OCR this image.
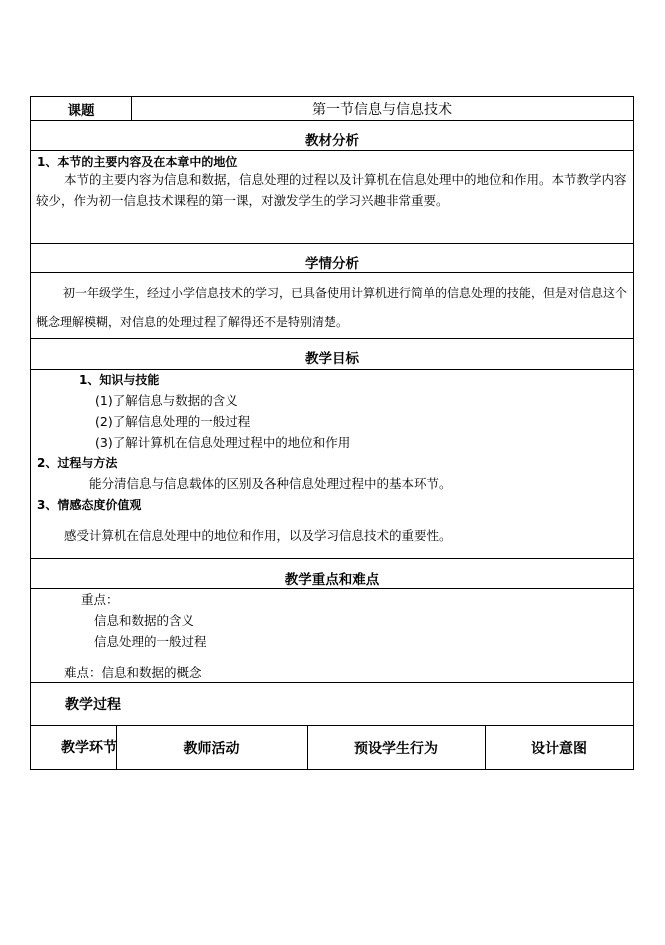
课题	第一节信息与信息技术
教材分析
1、本节的主要内容及在本章中的地位
本节的主要内容为信息和数据，信息处理的过程以及计算机在信息处理中的地位和作用。本节教学内容较少，作为初一信息技术课程的第一课，对激发学生的学习兴趣非常重要。
学情分析
初一年级学生，经过小学信息技术的学习，已具备使用计算机进行简单的信息处理的技能，但是对信息这个
概念理解模糊，对信息的处理过程了解得还不是特别清楚。
教学目标
1、知识与技能
(1)了解信息与数据的含义
(2)了解信息处理的一般过程
(3)了解计算机在信息处理过程中的地位和作用
2、过程与方法
能分清信息与信息载体的区别及各种信息处理过程中的基本环节。
3、情感态度价值观
感受计算机在信息处理中的地位和作用，以及学习信息技术的重要性。
教学重点和难点
重点：
信息和数据的含义
信息处理的一般过程
难点：信息和数据的概念
教学过程
教学环节	教师活动	预设学生行为	设计意图
